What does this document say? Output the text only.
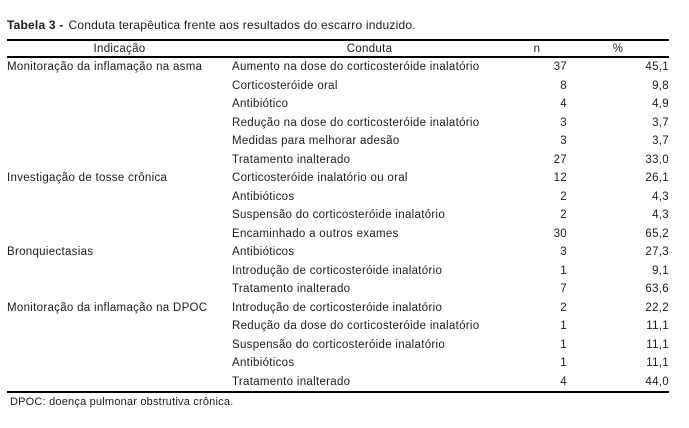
Tabela 3 - Conduta terapêutica frente aos resultados do escarro induzido.
Indicação	Conduta	n	%
Monitoração da inflamação na asma	Aumento na dose do corticosteróide inalatório	37	45,1
	Corticosteróide oral	8	9,8
	Antibiótico	4	4,9
	Redução na dose do corticosteróide inalatório	3	3,7
	Medidas para melhorar adesão	3	3,7
	Tratamento inalterado	27	33,0
Investigação de tosse crônica	Corticosteróide inalatório ou oral	12	26,1
	Antibióticos	2	4,3
	Suspensão do corticosteróide inalatório	2	4,3
	Encaminhado a outros exames	30	65,2
Bronquiectasias	Antibióticos	3	27,3
	Introdução de corticosteróide inalatório	1	9,1
	Tratamento inalterado	7	63,6
Monitoração da inflamação na DPOC	Introdução de corticosteróide inalatório	2	22,2
	Redução da dose do corticosteróide inalatório	1	11,1
	Suspensão do corticosteróide inalatório	1	11,1
	Antibióticos	1	11,1
	Tratamento inalterado	4	44,0
DPOC: doença pulmonar obstrutiva crônica.
